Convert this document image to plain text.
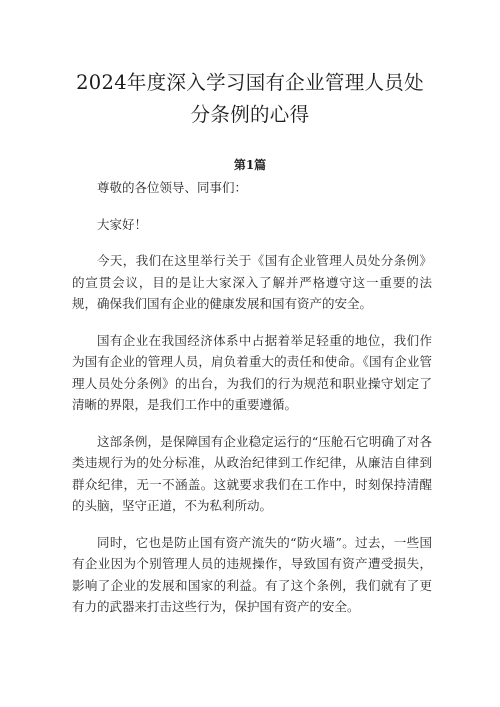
2024年度深入学习国有企业管理人员处分条例的心得
第1篇

尊敬的各位领导、同事们：

大家好！

今天，我们在这里举行关于《国有企业管理人员处分条例》的宣贯会议，目的是让大家深入了解并严格遵守这一重要的法规，确保我们国有企业的健康发展和国有资产的安全。

国有企业在我国经济体系中占据着举足轻重的地位，我们作为国有企业的管理人员，肩负着重大的责任和使命。《国有企业管理人员处分条例》的出台，为我们的行为规范和职业操守划定了清晰的界限，是我们工作中的重要遵循。

这部条例，是保障国有企业稳定运行的“压舱石它明确了对各类违规行为的处分标准，从政治纪律到工作纪律，从廉洁自律到群众纪律，无一不涵盖。这就要求我们在工作中，时刻保持清醒的头脑，坚守正道，不为私利所动。

同时，它也是防止国有资产流失的“防火墙”。过去，一些国有企业因为个别管理人员的违规操作，导致国有资产遭受损失，影响了企业的发展和国家的利益。有了这个条例，我们就有了更有力的武器来打击这些行为，保护国有资产的安全。
